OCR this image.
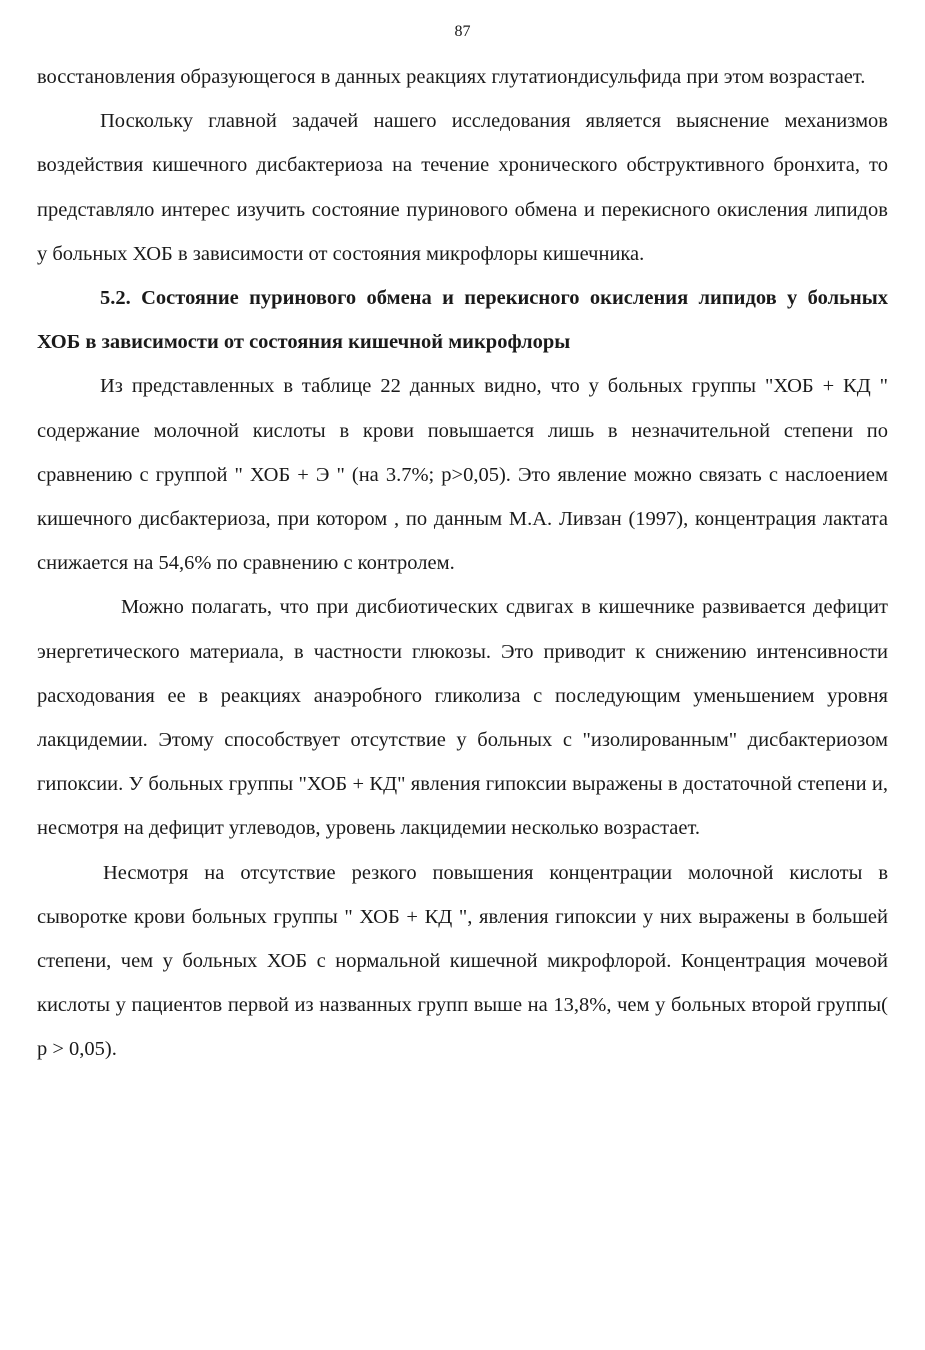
87

восстановления образующегося в данных реакциях глутатиондисульфида при этом возрастает.

Поскольку главной задачей нашего исследования является выяснение механизмов воздействия кишечного дисбактериоза на течение хронического обструктивного бронхита, то представляло интерес изучить состояние пуринового обмена и перекисного окисления липидов у больных ХОБ в зависимости от состояния микрофлоры кишечника.

5.2. Состояние пуринового обмена и перекисного окисления липидов у больных ХОБ в зависимости от состояния кишечной микрофлоры

Из представленных в таблице 22 данных видно, что у больных группы "ХОБ + КД " содержание молочной кислоты в крови повышается лишь в незначительной степени по сравнению с группой " ХОБ + Э " (на 3.7%; p>0,05). Это явление можно связать с наслоением кишечного дисбактериоза, при котором , по данным М.А. Ливзан (1997), концентрация лактата снижается на 54,6% по сравнению с контролем.

Можно полагать, что при дисбиотических сдвигах в кишечнике развивается дефицит энергетического материала, в частности глюкозы. Это приводит к снижению интенсивности расходования ее в реакциях анаэробного гликолиза с последующим уменьшением уровня лакцидемии. Этому способствует отсутствие у больных с "изолированным" дисбактериозом гипоксии. У больных группы "ХОБ + КД" явления гипоксии выражены в достаточной степени и, несмотря на дефицит углеводов, уровень лакцидемии несколько возрастает.

Несмотря на отсутствие резкого повышения концентрации молочной кислоты в сыворотке крови больных группы " ХОБ + КД ", явления гипоксии у них выражены в большей степени, чем у больных ХОБ с нормальной кишечной микрофлорой. Концентрация мочевой кислоты у пациентов первой из названных групп выше на 13,8%, чем у больных второй группы( p > 0,05).
